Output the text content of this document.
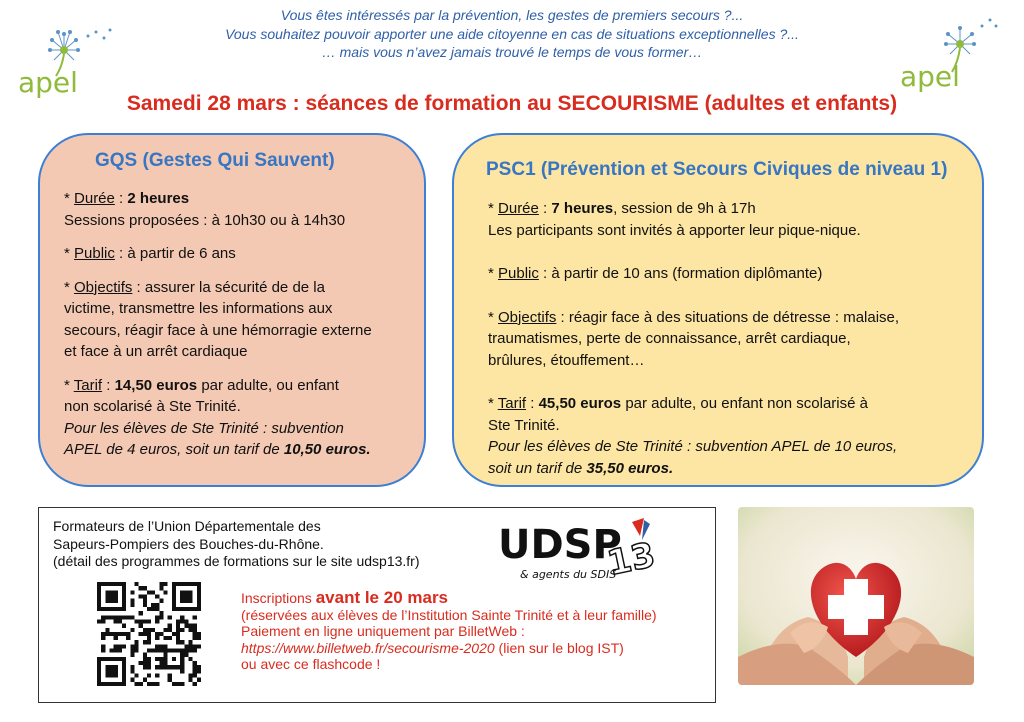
apel	apel
Vous êtes intéressés par la prévention, les gestes de premiers secours ?...
Vous souhaitez pouvoir apporter une aide citoyenne en cas de situations exceptionnelles ?...
… mais vous n’avez jamais trouvé le temps de vous former…
Samedi 28 mars : séances de formation au SECOURISME (adultes et enfants)
GQS (Gestes Qui Sauvent)
* Durée : 2 heures
Sessions proposées : à 10h30 ou à 14h30
* Public : à partir de 6 ans
* Objectifs : assurer la sécurité de de la
victime, transmettre les informations aux
secours, réagir face à une hémorragie externe
et face à un arrêt cardiaque
* Tarif : 14,50 euros par adulte, ou enfant
non scolarisé à Ste Trinité.
Pour les élèves de Ste Trinité : subvention
APEL de 4 euros, soit un tarif de 10,50 euros.
PSC1 (Prévention et Secours Civiques de niveau 1)
* Durée : 7 heures, session de 9h à 17h
Les participants sont invités à apporter leur pique-nique.
* Public : à partir de 10 ans (formation diplômante)
* Objectifs : réagir face à des situations de détresse : malaise,
traumatismes, perte de connaissance, arrêt cardiaque,
brûlures, étouffement…
* Tarif : 45,50 euros par adulte, ou enfant non scolarisé à
Ste Trinité.
Pour les élèves de Ste Trinité : subvention APEL de 10 euros,
soit un tarif de 35,50 euros.
Formateurs de l’Union Départementale des
Sapeurs-Pompiers des Bouches-du-Rhône.
(détail des programmes de formations sur le site udsp13.fr) UDSP
13
& agents du SDIS
Inscriptions avant le 20 mars
(réservées aux élèves de l’Institution Sainte Trinité et à leur famille)
Paiement en ligne uniquement par BilletWeb :
https://www.billetweb.fr/secourisme-2020 (lien sur le blog IST)
ou avec ce flashcode !
